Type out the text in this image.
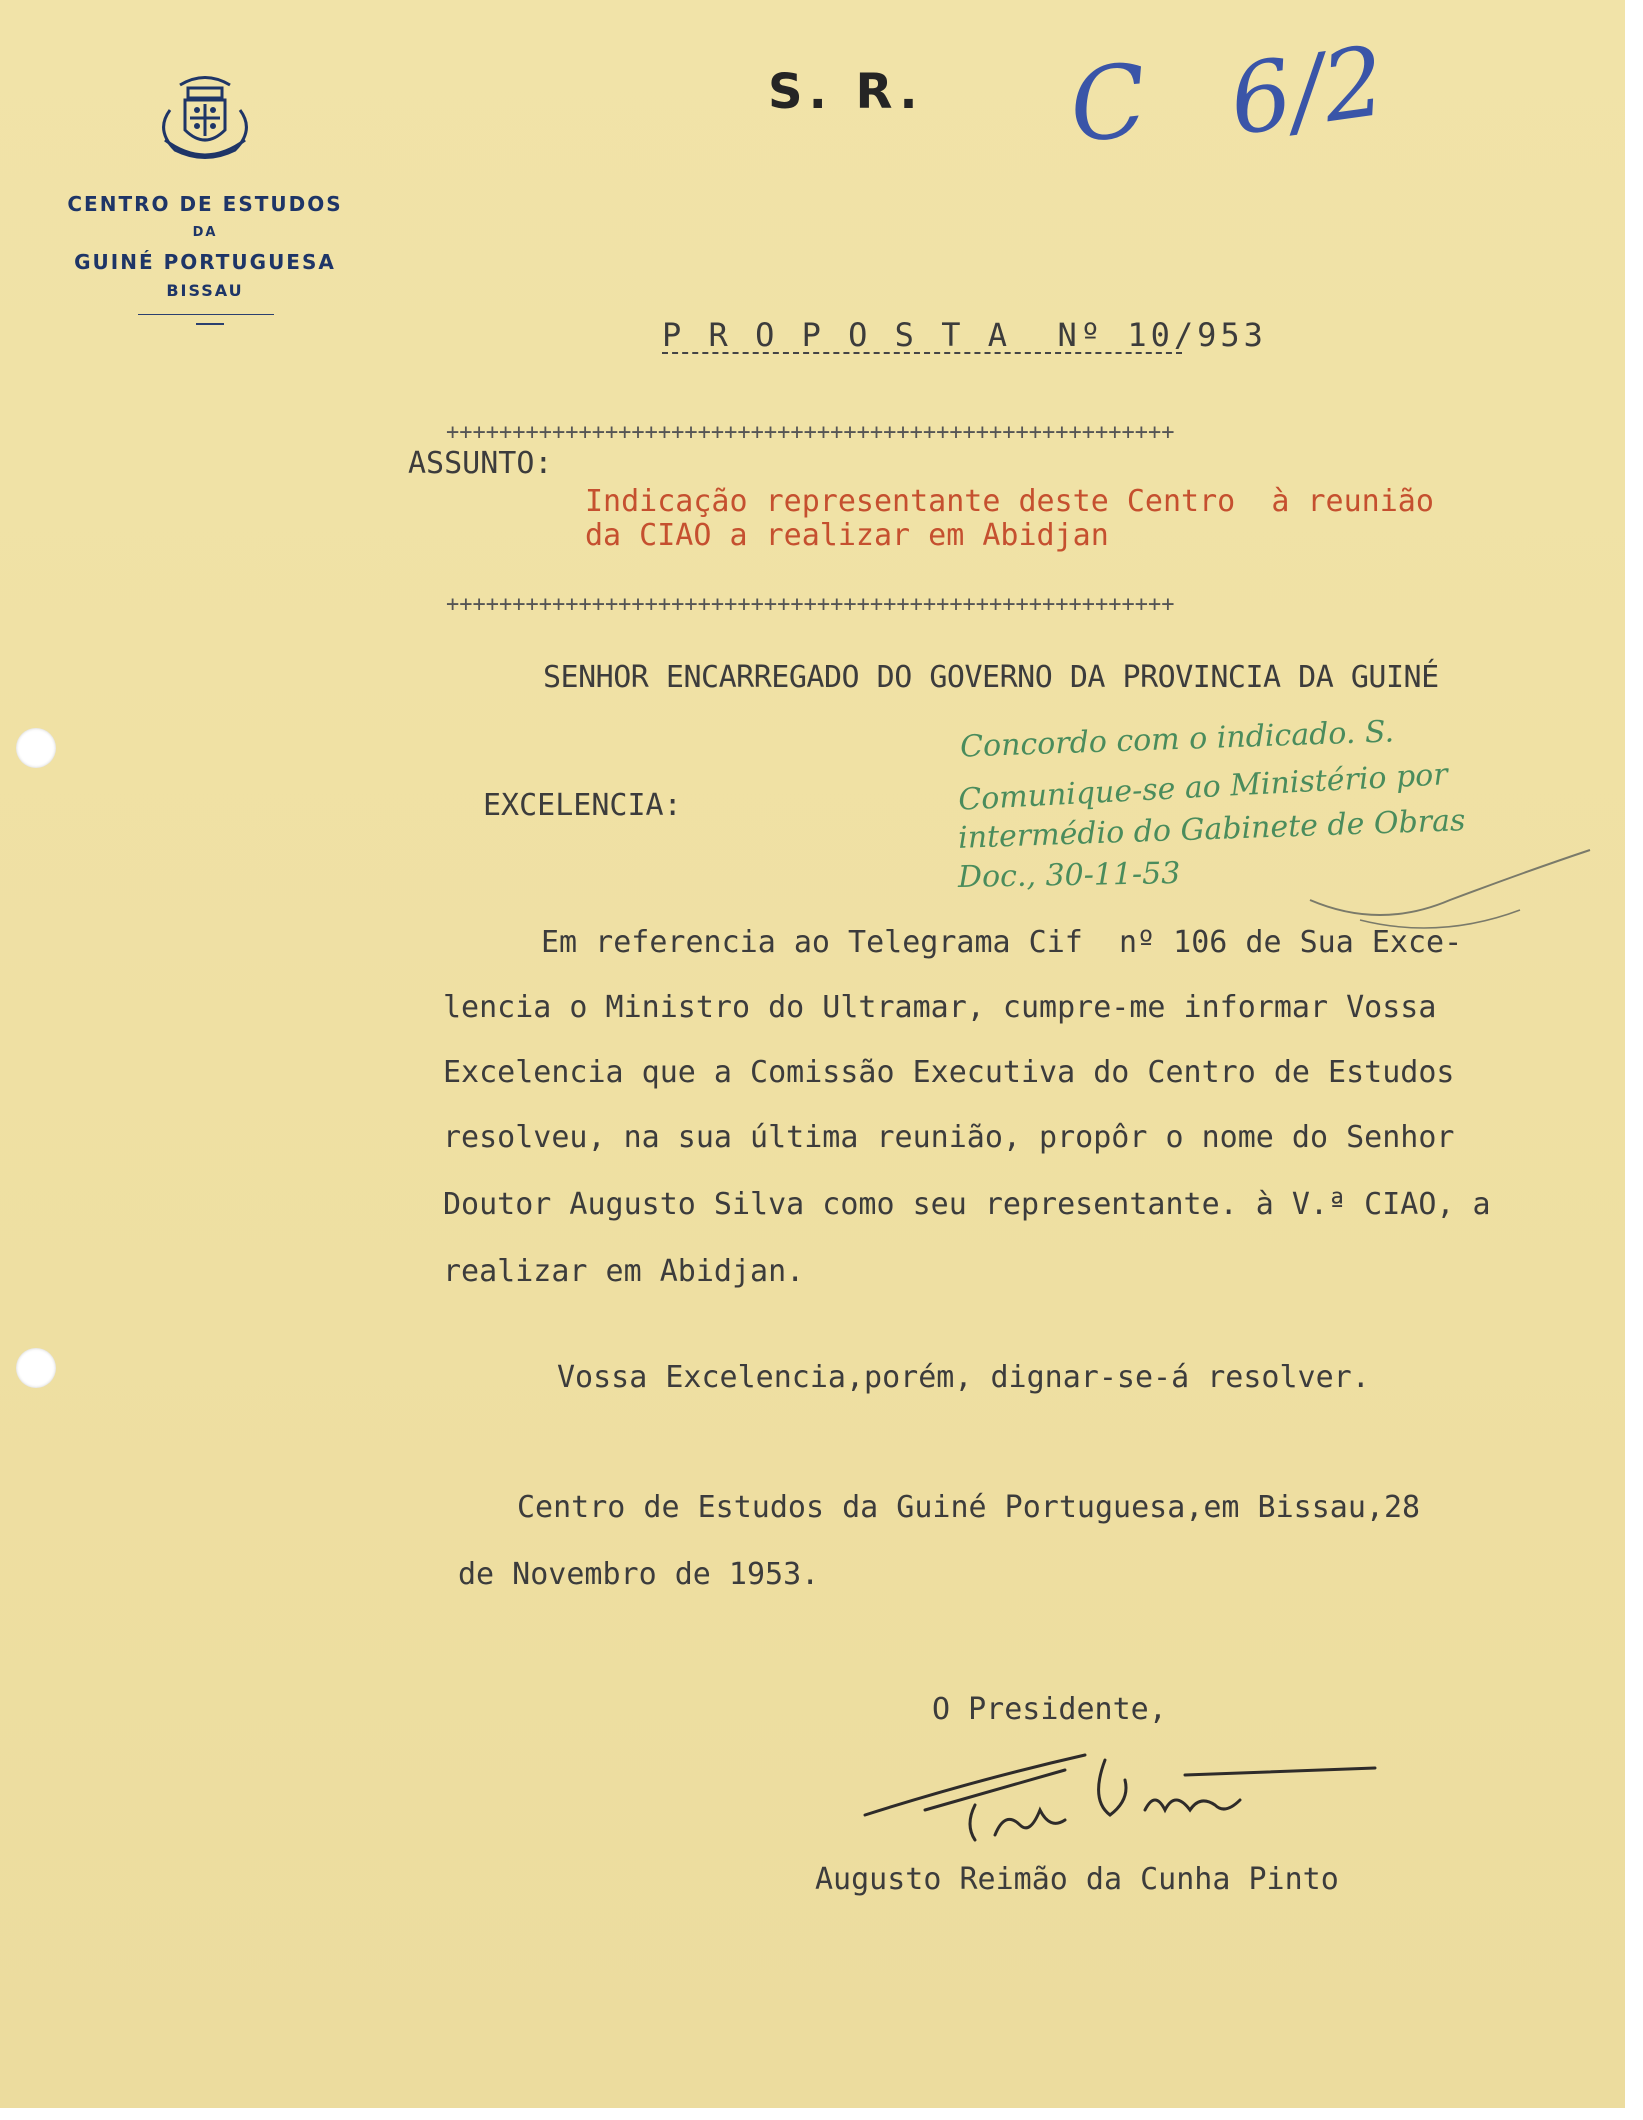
CENTRO DE ESTUDOS
DA
GUINÉ PORTUGUESA
BISSAU
S. R. C 6/2
P R O P O S T A  Nº 10/953
+++++++++++++++++++++++++++++++++++++++++++++++++++++++
ASSUNTO:
Indicação representante deste Centro  à reunião
da CIAO a realizar em Abidjan
+++++++++++++++++++++++++++++++++++++++++++++++++++++++
SENHOR ENCARREGADO DO GOVERNO DA PROVINCIA DA GUINÉ
Concordo com o indicado. S.
Comunique-se ao Ministério por
intermédio do Gabinete de Obras
Doc., 30-11-53
EXCELENCIA:
Em referencia ao Telegrama Cif  nº 106 de Sua Exce-
lencia o Ministro do Ultramar, cumpre-me informar Vossa
Excelencia que a Comissão Executiva do Centro de Estudos
resolveu, na sua última reunião, propôr o nome do Senhor
Doutor Augusto Silva como seu representante. à V.ª CIAO, a
realizar em Abidjan.
Vossa Excelencia,porém, dignar-se-á resolver.
Centro de Estudos da Guiné Portuguesa,em Bissau,28
de Novembro de 1953.
O Presidente,
Augusto Reimão da Cunha Pinto
